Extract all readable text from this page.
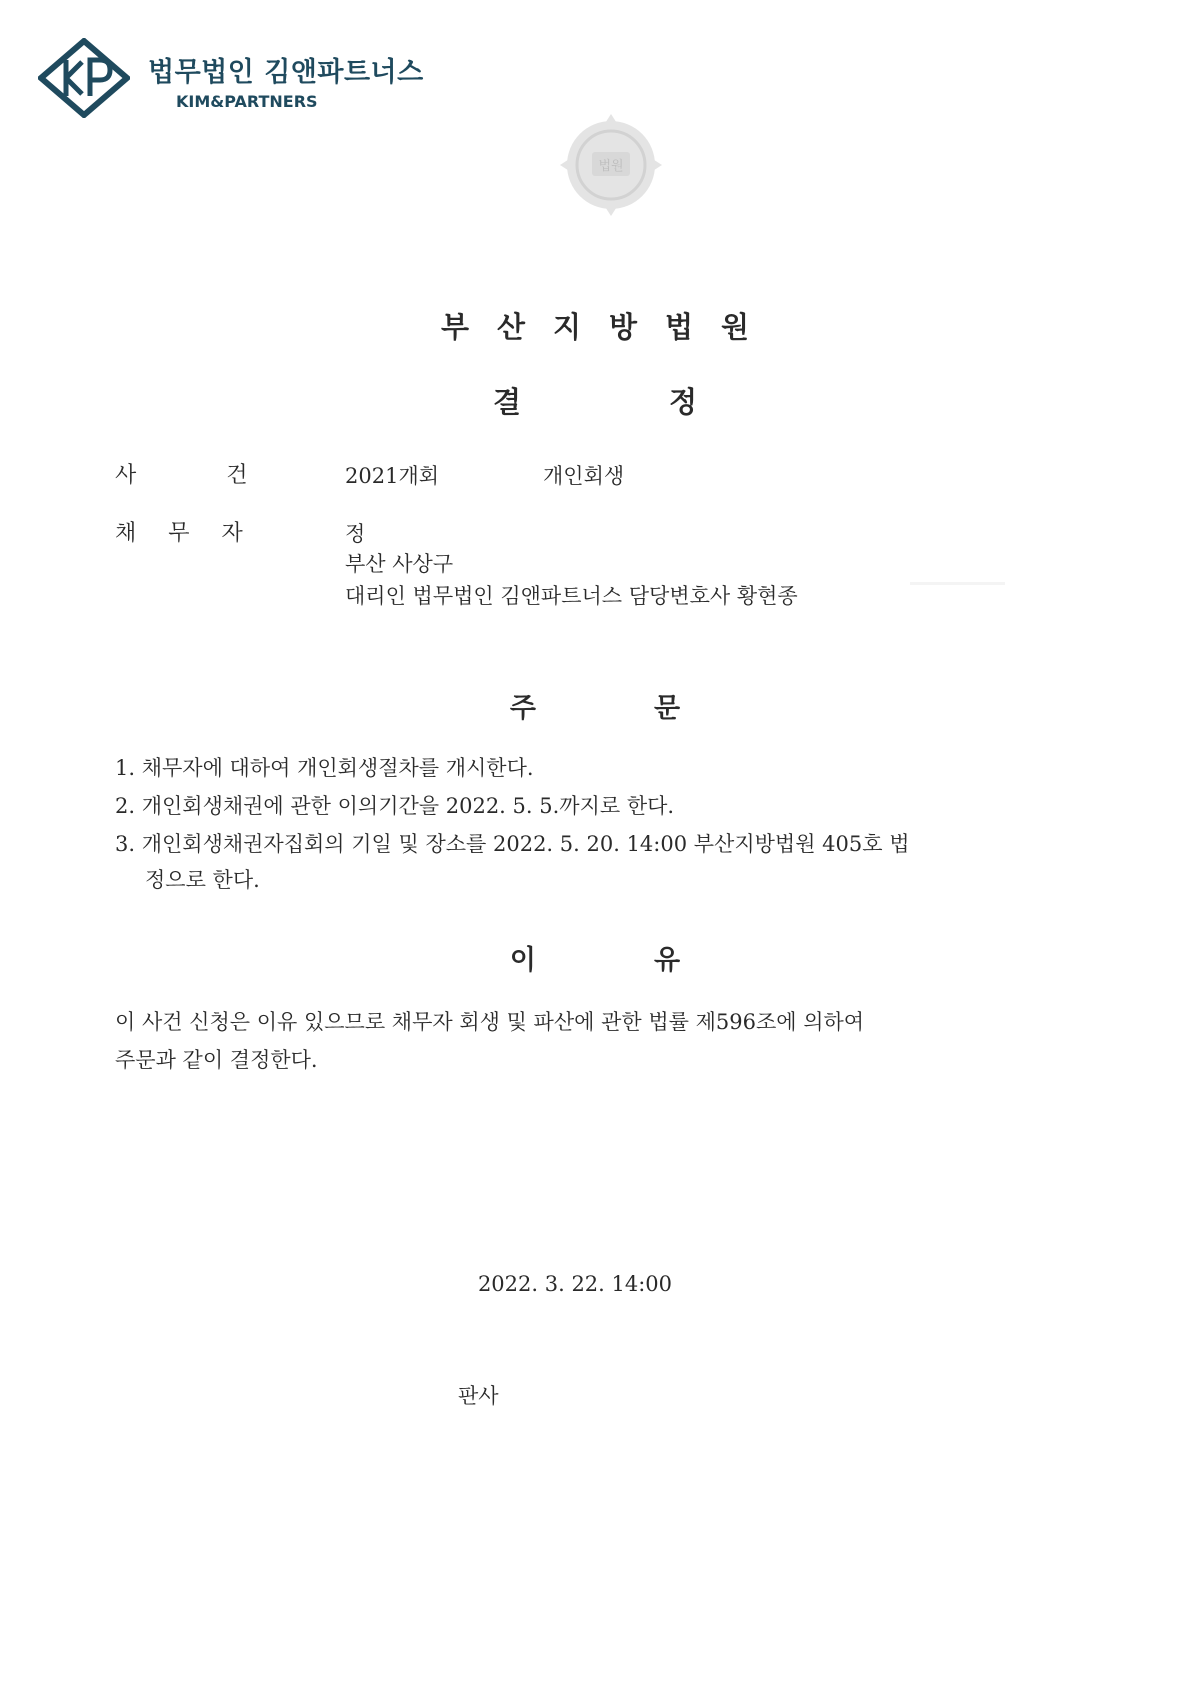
법무법인 김앤파트너스
KIM&PARTNERS
법원
부산지방법원
결정
사건 2021개회	개인회생
채무자	정
부산 사상구
대리인 법무법인 김앤파트너스 담당변호사 황현종
주문
1. 채무자에 대하여 개인회생절차를 개시한다.
2. 개인회생채권에 관한 이의기간을 2022. 5. 5.까지로 한다.
3. 개인회생채권자집회의 기일 및 장소를 2022. 5. 20. 14:00 부산지방법원 405호 법
정으로 한다.
이유
이 사건 신청은 이유 있으므로 채무자 회생 및 파산에 관한 법률 제596조에 의하여
주문과 같이 결정한다.
2022. 3. 22. 14:00
판사
